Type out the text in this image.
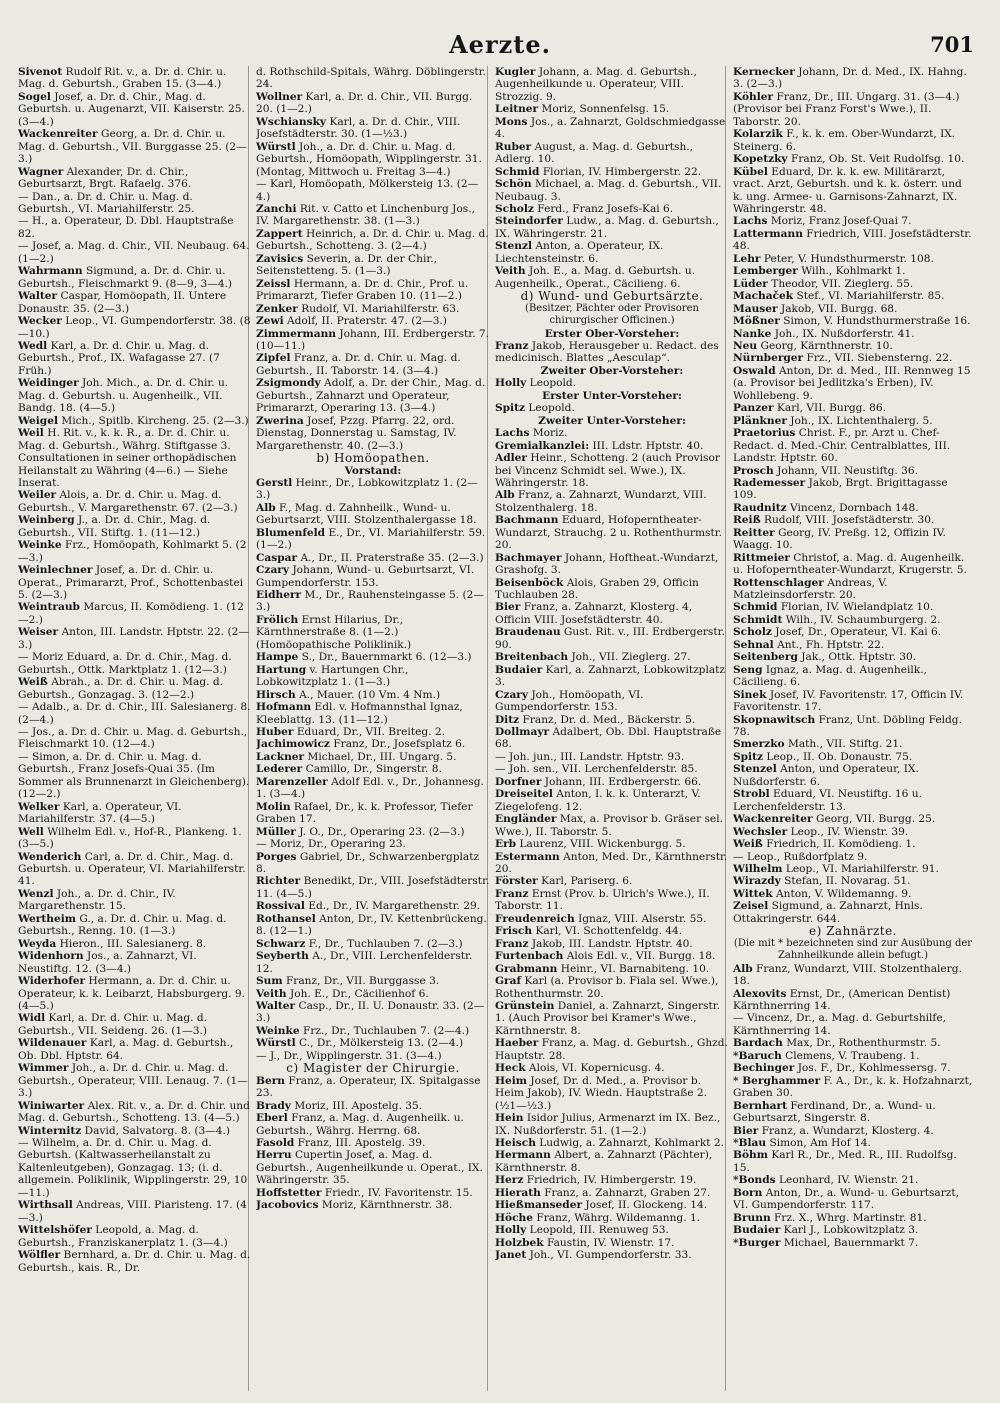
Aerzte.	701

Sivenot Rudolf Rit. v., a. Dr. d. Chir. u. Mag. d. Geburtsh., Graben 15. (3—4.)

Sogel Josef, a. Dr. d. Chir., Mag. d. Geburtsh. u. Augenarzt, VII. Kaiserstr. 25. (3—4.)

Wackenreiter Georg, a. Dr. d. Chir. u. Mag. d. Geburtsh., VII. Burggasse 25. (2—3.)

Wagner Alexander, Dr. d. Chir., Geburtsarzt, Brgt. Rafaelg. 376.

— Dan., a. Dr. d. Chir. u. Mag. d. Geburtsh., VI. Mariahilferstr. 25.

— H., a. Operateur, D. Dbl. Hauptstraße 82.

— Josef, a. Mag. d. Chir., VII. Neubaug. 64. (1—2.)

Wahrmann Sigmund, a. Dr. d. Chir. u. Geburtsh., Fleischmarkt 9. (8—9, 3—4.)

Walter Caspar, Homöopath, II. Untere Donaustr. 35. (2—3.)

Wecker Leop., VI. Gumpendorferstr. 38. (8—10.)

Wedl Karl, a. Dr. d. Chir. u. Mag. d. Geburtsh., Prof., IX. Wafagasse 27. (7 Früh.)

Weidinger Joh. Mich., a. Dr. d. Chir. u. Mag. d. Geburtsh. u. Augenheilk., VII. Bandg. 18. (4—5.)

Weigel Mich., Spitlb. Kircheng. 25. (2—3.)

Weil H. Rit. v., k. k. R., a. Dr. d. Chir. u. Mag. d. Geburtsh., Währg. Stiftgasse 3. Consultationen in seiner orthopädischen Heilanstalt zu Währing (4—6.) — Siehe Inserat.

Weiler Alois, a. Dr. d. Chir. u. Mag. d. Geburtsh., V. Margarethenstr. 67. (2—3.)

Weinberg J., a. Dr. d. Chir., Mag. d. Geburtsh., VII. Stiftg. 1. (11—12.)

Weinke Frz., Homöopath, Kohlmarkt 5. (2—3.)

Weinlechner Josef, a. Dr. d. Chir. u. Operat., Primararzt, Prof., Schottenbastei 5. (2—3.)

Weintraub Marcus, II. Komödieng. 1. (12—2.)

Weiser Anton, III. Landstr. Hptstr. 22. (2—3.)

— Moriz Eduard, a. Dr. d. Chir., Mag. d. Geburtsh., Ottk. Marktplatz 1. (12—3.)

Weiß Abrah., a. Dr. d. Chir. u. Mag. d. Geburtsh., Gonzagag. 3. (12—2.)

— Adalb., a. Dr. d. Chir., III. Salesianerg. 8. (2—4.)

— Jos., a. Dr. d. Chir. u. Mag. d. Geburtsh., Fleischmarkt 10. (12—4.)

— Simon, a. Dr. d. Chir. u. Mag. d. Geburtsh., Franz Josefs-Quai 35. (Im Sommer als Brunnenarzt in Gleichenberg). (12—2.)

Welker Karl, a. Operateur, VI. Mariahilferstr. 37. (4—5.)

Well Wilhelm Edl. v., Hof-R., Plankeng. 1. (3—5.)

Wenderich Carl, a. Dr. d. Chir., Mag. d. Geburtsh. u. Operateur, VI. Mariahilferstr. 41.

Wenzl Joh., a. Dr. d. Chir., IV. Margarethenstr. 15.

Wertheim G., a. Dr. d. Chir. u. Mag. d. Geburtsh., Renng. 10. (1—3.)

Weyda Hieron., III. Salesianerg. 8.

Widenhorn Jos., a. Zahnarzt, VI. Neustiftg. 12. (3—4.)

Widerhofer Hermann, a. Dr. d. Chir. u. Operateur, k. k. Leibarzt, Habsburgerg. 9. (4—5.)

Widl Karl, a. Dr. d. Chir. u. Mag. d. Geburtsh., VII. Seideng. 26. (1—3.)

Wildenauer Karl, a. Mag. d. Geburtsh., Ob. Dbl. Hptstr. 64.

Wimmer Joh., a. Dr. d. Chir. u. Mag. d. Geburtsh., Operateur, VIII. Lenaug. 7. (1—3.)

Winiwarter Alex. Rit. v., a. Dr. d. Chir. und Mag. d. Geburtsh., Schotteng. 13. (4—5.)

Winternitz David, Salvatorg. 8. (3—4.)

— Wilhelm, a. Dr. d. Chir. u. Mag. d. Geburtsh. (Kaltwasserheilanstalt zu Kaltenleutgeben), Gonzagag. 13; (i. d. allgemein. Poliklinik, Wipplingerstr. 29, 10—11.)

Wirthsall Andreas, VIII. Piaristeng. 17. (4—3.)

Wittelshöfer Leopold, a. Mag. d. Geburtsh., Franziskanerplatz 1. (3—4.)

Wölfler Bernhard, a. Dr. d. Chir. u. Mag. d. Geburtsh., kais. R., Dr.

d. Rothschild-Spitals, Währg. Döblingerstr. 24.

Wollner Karl, a. Dr. d. Chir., VII. Burgg. 20. (1—2.)

Wschiansky Karl, a. Dr. d. Chir., VIII. Josefstädterstr. 30. (1—½3.)

Würstl Joh., a. Dr. d. Chir. u. Mag. d. Geburtsh., Homöopath, Wipplingerstr. 31. (Montag, Mittwoch u. Freitag 3—4.)

— Karl, Homöopath, Mölkersteig 13. (2—4.)

Zanchi Rit. v. Catto et Linchenburg Jos., IV. Margarethenstr. 38. (1—3.)

Zappert Heinrich, a. Dr. d. Chir. u. Mag. d. Geburtsh., Schotteng. 3. (2—4.)

Zavisics Severin, a. Dr. der Chir., Seitenstetteng. 5. (1—3.)

Zeissl Hermann, a. Dr. d. Chir., Prof. u. Primararzt, Tiefer Graben 10. (11—2.)

Zenker Rudolf, VI. Mariahilferstr. 63.

Zewi Adolf, II. Praterstr. 47. (2—3.)

Zimmermann Johann, III. Erdbergerstr. 7. (10—11.)

Zipfel Franz, a. Dr. d. Chir. u. Mag. d. Geburtsh., II. Taborstr. 14. (3—4.)

Zsigmondy Adolf, a. Dr. der Chir., Mag. d. Geburtsh., Zahnarzt und Operateur, Primararzt, Operaring 13. (3—4.)

Zwerina Josef, Pzzg. Pfarrg. 22, ord. Dienstag, Donnerstag u. Samstag, IV. Margarethenstr. 40. (2—3.)

b) Homöopathen.

Vorstand:

Gerstl Heinr., Dr., Lobkowitzplatz 1. (2—3.)

Alb F., Mag. d. Zahnheilk., Wund- u. Geburtsarzt, VIII. Stolzenthalergasse 18.

Blumenfeld E., Dr., VI. Mariahilferstr. 59. (1—2.)

Caspar A., Dr., II. Praterstraße 35. (2—3.)

Czary Johann, Wund- u. Geburtsarzt, VI. Gumpendorferstr. 153.

Eidherr M., Dr., Rauhensteingasse 5. (2—3.)

Frölich Ernst Hilarius, Dr., Kärnthnerstraße 8. (1—2.) (Homöopathische Poliklinik.)

Hampe S., Dr., Bauernmarkt 6. (12—3.)

Hartung v. Hartungen Chr., Lobkowitzplatz 1. (1—3.)

Hirsch A., Mauer. (10 Vm. 4 Nm.)

Hofmann Edl. v. Hofmannsthal Ignaz, Kleeblattg. 13. (11—12.)

Huber Eduard, Dr., VII. Breiteg. 2.

Jachimowicz Franz, Dr., Josefsplatz 6.

Lackner Michael, Dr., III. Ungarg. 5.

Lederer Camillo, Dr., Singerstr. 8.

Marenzeller Adolf Edl. v., Dr., Johannesg. 1. (3—4.)

Molin Rafael, Dr., k. k. Professor, Tiefer Graben 17.

Müller J. O., Dr., Operaring 23. (2—3.)

— Moriz, Dr., Operaring 23.

Porges Gabriel, Dr., Schwarzenbergplatz 8.

Richter Benedikt, Dr., VIII. Josefstädterstr. 11. (4—5.)

Rossival Ed., Dr., IV. Margarethenstr. 29.

Rothansel Anton, Dr., IV. Kettenbrückeng. 8. (12—1.)

Schwarz F., Dr., Tuchlauben 7. (2—3.)

Seyberth A., Dr., VIII. Lerchenfelderstr. 12.

Sum Franz, Dr., VII. Burggasse 3.

Veith Joh. E., Dr., Cäcilienhof 6.

Walter Casp., Dr., II. U. Donaustr. 33. (2—3.)

Weinke Frz., Dr., Tuchlauben 7. (2—4.)

Würstl C., Dr., Mölkersteig 13. (2—4.)

— J., Dr., Wipplingerstr. 31. (3—4.)

c) Magister der Chirurgie.

Bern Franz, a. Operateur, IX. Spitalgasse 23.

Brady Moriz, III. Apostelg. 35.

Eberl Franz, a. Mag. d. Augenheilk. u. Geburtsh., Währg. Herrng. 68.

Fasold Franz, III. Apostelg. 39.

Herru Cupertin Josef, a. Mag. d. Geburtsh., Augenheilkunde u. Operat., IX. Währingerstr. 35.

Hoffstetter Friedr., IV. Favoritenstr. 15.

Jacobovics Moriz, Kärnthnerstr. 38.

Kugler Johann, a. Mag. d. Geburtsh., Augenheilkunde u. Operateur, VIII. Strozzig. 9.

Leitner Moriz, Sonnenfelsg. 15.

Mons Jos., a. Zahnarzt, Goldschmiedgasse 4.

Ruber August, a. Mag. d. Geburtsh., Adlerg. 10.

Schmid Florian, IV. Himbergerstr. 22.

Schön Michael, a. Mag. d. Geburtsh., VII. Neubaug. 3.

Scholz Ferd., Franz Josefs-Kai 6.

Steindorfer Ludw., a. Mag. d. Geburtsh., IX. Währingerstr. 21.

Stenzl Anton, a. Operateur, IX. Liechtensteinstr. 6.

Veith Joh. E., a. Mag. d. Geburtsh. u. Augenheilk., Operat., Cäcilieng. 6.

d) Wund- und Geburtsärzte.

(Besitzer, Pächter oder Provisoren chirurgischer Officinen.)

Erster Ober-Vorsteher:

Franz Jakob, Herausgeber u. Redact. des medicinisch. Blattes „Aesculap“.

Zweiter Ober-Vorsteher:

Holly Leopold.

Erster Unter-Vorsteher:

Spitz Leopold.

Zweiter Unter-Vorsteher:

Lachs Moriz.

Gremialkanzlei: III. Ldstr. Hptstr. 40.

Adler Heinr., Schotteng. 2 (auch Provisor bei Vincenz Schmidt sel. Wwe.), IX. Währingerstr. 18.

Alb Franz, a. Zahnarzt, Wundarzt, VIII. Stolzenthalerg. 18.

Bachmann Eduard, Hofoperntheater-Wundarzt, Strauchg. 2 u. Rothenthurmstr. 20.

Bachmayer Johann, Hoftheat.-Wundarzt, Grashofg. 3.

Beisenböck Alois, Graben 29, Officin Tuchlauben 28.

Bier Franz, a. Zahnarzt, Klosterg. 4, Officin VIII. Josefstädterstr. 40.

Braudenau Gust. Rit. v., III. Erdbergerstr. 90.

Breitenbach Joh., VII. Zieglerg. 27.

Budaier Karl, a. Zahnarzt, Lobkowitzplatz 3.

Czary Joh., Homöopath, VI. Gumpendorferstr. 153.

Ditz Franz, Dr. d. Med., Bäckerstr. 5.

Dollmayr Adalbert, Ob. Dbl. Hauptstraße 68.

— Joh. jun., III. Landstr. Hptstr. 93.

— Joh. sen., VII. Lerchenfelderstr. 85.

Dorfner Johann, III. Erdbergerstr. 66.

Dreiseitel Anton, I. k. k. Unterarzt, V. Ziegelofeng. 12.

Engländer Max, a. Provisor b. Gräser sel. Wwe.), II. Taborstr. 5.

Erb Laurenz, VIII. Wickenburgg. 5.

Estermann Anton, Med. Dr., Kärnthnerstr. 20.

Förster Karl, Pariserg. 6.

Franz Ernst (Prov. b. Ulrich's Wwe.), II. Taborstr. 11.

Freudenreich Ignaz, VIII. Alserstr. 55.

Frisch Karl, VI. Schottenfeldg. 44.

Franz Jakob, III. Landstr. Hptstr. 40.

Furtenbach Alois Edl. v., VII. Burgg. 18.

Grabmann Heinr., VI. Barnabiteng. 10.

Graf Karl (a. Provisor b. Fiala sel. Wwe.), Rothenthurmstr. 20.

Grünstein Daniel, a. Zahnarzt, Singerstr. 1. (Auch Provisor bei Kramer's Wwe., Kärnthnerstr. 8.

Haeber Franz, a. Mag. d. Geburtsh., Ghzd. Hauptstr. 28.

Heck Alois, VI. Kopernicusg. 4.

Heim Josef, Dr. d. Med., a. Provisor b. Heim Jakob), IV. Wiedn. Hauptstraße 2. (½1—½3.)

Hein Isidor Julius, Armenarzt im IX. Bez., IX. Nußdorferstr. 51. (1—2.)

Heisch Ludwig, a. Zahnarzt, Kohlmarkt 2.

Hermann Albert, a. Zahnarzt (Pächter), Kärnthnerstr. 8.

Herz Friedrich, IV. Himbergerstr. 19.

Hierath Franz, a. Zahnarzt, Graben 27.

Hießmanseder Josef, II. Glockeng. 14.

Höche Franz, Währg. Wildemanng. 1.

Holly Leopold, III. Renuweg 53.

Holzbek Faustin, IV. Wienstr. 17.

Janet Joh., VI. Gumpendorferstr. 33.

Kernecker Johann, Dr. d. Med., IX. Hahng. 3. (2—3.)

Köhler Franz, Dr., III. Ungarg. 31. (3—4.) (Provisor bei Franz Forst's Wwe.), II. Taborstr. 20.

Kolarzik F., k. k. em. Ober-Wundarzt, IX. Steinerg. 6.

Kopetzky Franz, Ob. St. Veit Rudolfsg. 10.

Kübel Eduard, Dr. k. k. ew. Militärarzt, vract. Arzt, Geburtsh. und k. k. österr. und k. ung. Armee- u. Garnisons-Zahnarzt, IX. Währingerstr. 48.

Lachs Moriz, Franz Josef-Quai 7.

Lattermann Friedrich, VIII. Josefstädterstr. 48.

Lehr Peter, V. Hundsthurmerstr. 108.

Lemberger Wilh., Kohlmarkt 1.

Lüder Theodor, VII. Zieglerg. 55.

Machaček Stef., VI. Mariahilferstr. 85.

Mauser Jakob, VII. Burgg. 68.

Mößner Simon, V. Hundsthurmerstraße 16.

Nanke Joh., IX. Nußdorferstr. 41.

Neu Georg, Kärnthnerstr. 10.

Nürnberger Frz., VII. Siebensterng. 22.

Oswald Anton, Dr. d. Med., III. Rennweg 15 (a. Provisor bei Jedlitzka's Erben), IV. Wohllebeng. 9.

Panzer Karl, VII. Burgg. 86.

Plänkner Joh., IX. Lichtenthalerg. 5.

Praetorius Christ. F., pr. Arzt u. Chef-Redact. d. Med.-Chir. Centralblattes, III. Landstr. Hptstr. 60.

Prosch Johann, VII. Neustiftg. 36.

Rademesser Jakob, Brgt. Brigittagasse 109.

Raudnitz Vincenz, Dornbach 148.

Reiß Rudolf, VIII. Josefstädterstr. 30.

Reitter Georg, IV. Preßg. 12, Offizin IV. Waagg. 10.

Rittmeier Christof, a. Mag. d. Augenheilk. u. Hofoperntheater-Wundarzt, Krugerstr. 5.

Rottenschlager Andreas, V. Matzleinsdorferstr. 20.

Schmid Florian, IV. Wielandplatz 10.

Schmidt Wilh., IV. Schaumburgerg. 2.

Scholz Josef, Dr., Operateur, VI. Kai 6.

Sehnal Ant., Fh. Hptstr. 22.

Seitenberg Jak., Ottk. Hptstr. 30.

Seng Ignaz, a. Mag. d. Augenheilk., Cäcilieng. 6.

Sinek Josef, IV. Favoritenstr. 17, Officin IV. Favoritenstr. 17.

Skopnawitsch Franz, Unt. Döbling Feldg. 78.

Smerzko Math., VII. Stiftg. 21.

Spitz Leop., II. Ob. Donaustr. 75.

Stenzel Anton, und Operateur, IX. Nußdorferstr. 6.

Strobl Eduard, VI. Neustiftg. 16 u. Lerchenfelderstr. 13.

Wackenreiter Georg, VII. Burgg. 25.

Wechsler Leop., IV. Wienstr. 39.

Weiß Friedrich, II. Komödieng. 1.

— Leop., Rußdorfplatz 9.

Wilhelm Leop., VI. Mariahilferstr. 91.

Wirazdy Stefan, II. Novarag. 51.

Wittek Anton, V. Wildemanng. 9.

Zeisel Sigmund, a. Zahnarzt, Hnls. Ottakringerstr. 644.

e) Zahnärzte.

(Die mit * bezeichneten sind zur Ausübung der Zahnheilkunde allein befugt.)

Alb Franz, Wundarzt, VIII. Stolzenthalerg. 18.

Alexovits Ernst, Dr., (American Dentist) Kärnthnerring 14.

— Vincenz, Dr., a. Mag. d. Geburtshilfe, Kärnthnerring 14.

Bardach Max, Dr., Rothenthurmstr. 5.

*Baruch Clemens, V. Traubeng. 1.

Bechinger Jos. F., Dr., Kohlmessersg. 7.

* Berghammer F. A., Dr., k. k. Hofzahnarzt, Graben 30.

Bernhart Ferdinand, Dr., a. Wund- u. Geburtsarzt, Singerstr. 8.

Bier Franz, a. Wundarzt, Klosterg. 4.

*Blau Simon, Am Hof 14.

Böhm Karl R., Dr., Med. R., III. Rudolfsg. 15.

*Bonds Leonhard, IV. Wienstr. 21.

Born Anton, Dr., a. Wund- u. Geburtsarzt, VI. Gumpendorferstr. 117.

Brunn Frz. X., Whrg. Martinstr. 81.

Budaier Karl J., Lobkowitzplatz 3.

*Burger Michael, Bauernmarkt 7.
